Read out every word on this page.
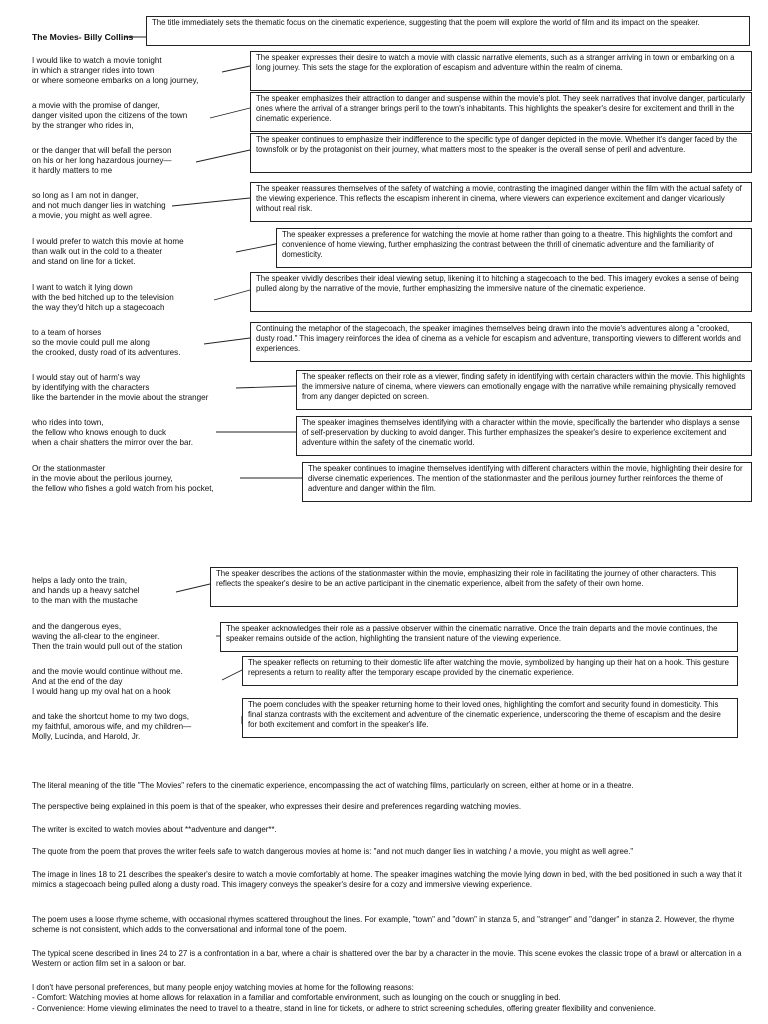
The Movies- Billy Collins
The title immediately sets the thematic focus on the cinematic experience, suggesting that the poem will explore the world of film and its impact on the speaker.
I would like to watch a movie tonight
in which a stranger rides into town
or where someone embarks on a long journey,
a movie with the promise of danger,
danger visited upon the citizens of the town
by the stranger who rides in,
or the danger that will befall the person
on his or her long hazardous journey—
it hardly matters to me
so long as I am not in danger,
and not much danger lies in watching
a movie, you might as well agree.
I would prefer to watch this movie at home
than walk out in the cold to a theater
and stand on line for a ticket.
I want to watch it lying down
with the bed hitched up to the television
the way they'd hitch up a stagecoach
to a team of horses
so the movie could pull me along
the crooked, dusty road of its adventures.
I would stay out of harm's way
by identifying with the characters
like the bartender in the movie about the stranger
who rides into town,
the fellow who knows enough to duck
when a chair shatters the mirror over the bar.
Or the stationmaster
in the movie about the perilous journey,
the fellow who fishes a gold watch from his pocket,
helps a lady onto the train,
and hands up a heavy satchel
to the man with the mustache
and the dangerous eyes,
waving the all-clear to the engineer.
Then the train would pull out of the station
and the movie would continue without me.
And at the end of the day
I would hang up my oval hat on a hook
and take the shortcut home to my two dogs,
my faithful, amorous wife, and my children—
Molly, Lucinda, and Harold, Jr.
The speaker expresses their desire to watch a movie with classic narrative elements, such as a stranger arriving in town or embarking on a long journey. This sets the stage for the exploration of escapism and adventure within the realm of cinema.
The speaker emphasizes their attraction to danger and suspense within the movie's plot. They seek narratives that involve danger, particularly ones where the arrival of a stranger brings peril to the town's inhabitants. This highlights the speaker's desire for excitement and thrill in the cinematic experience.
The speaker continues to emphasize their indifference to the specific type of danger depicted in the movie. Whether it's danger faced by the townsfolk or by the protagonist on their journey, what matters most to the speaker is the overall sense of peril and adventure.
The speaker reassures themselves of the safety of watching a movie, contrasting the imagined danger within the film with the actual safety of the viewing experience. This reflects the escapism inherent in cinema, where viewers can experience excitement and danger vicariously without real risk.
The speaker expresses a preference for watching the movie at home rather than going to a theatre. This highlights the comfort and convenience of home viewing, further emphasizing the contrast between the thrill of cinematic adventure and the familiarity of domesticity.
The speaker vividly describes their ideal viewing setup, likening it to hitching a stagecoach to the bed. This imagery evokes a sense of being pulled along by the narrative of the movie, further emphasizing the immersive nature of the cinematic experience.
Continuing the metaphor of the stagecoach, the speaker imagines themselves being drawn into the movie's adventures along a "crooked, dusty road." This imagery reinforces the idea of cinema as a vehicle for escapism and adventure, transporting viewers to different worlds and experiences.
The speaker reflects on their role as a viewer, finding safety in identifying with certain characters within the movie. This highlights the immersive nature of cinema, where viewers can emotionally engage with the narrative while remaining physically removed from any danger depicted on screen.
The speaker imagines themselves identifying with a character within the movie, specifically the bartender who displays a sense of self-preservation by ducking to avoid danger. This further emphasizes the speaker's desire to experience excitement and adventure within the safety of the cinematic world.
The speaker continues to imagine themselves identifying with different characters within the movie, highlighting their desire for diverse cinematic experiences. The mention of the stationmaster and the perilous journey further reinforces the theme of adventure and danger within the film.
The speaker describes the actions of the stationmaster within the movie, emphasizing their role in facilitating the journey of other characters. This reflects the speaker's desire to be an active participant in the cinematic experience, albeit from the safety of their own home.
The speaker acknowledges their role as a passive observer within the cinematic narrative. Once the train departs and the movie continues, the speaker remains outside of the action, highlighting the transient nature of the viewing experience.
The speaker reflects on returning to their domestic life after watching the movie, symbolized by hanging up their hat on a hook. This gesture represents a return to reality after the temporary escape provided by the cinematic experience.
The poem concludes with the speaker returning home to their loved ones, highlighting the comfort and security found in domesticity. This final stanza contrasts with the excitement and adventure of the cinematic experience, underscoring the theme of escapism and the desire for both excitement and comfort in the speaker's life.
The literal meaning of the title "The Movies" refers to the cinematic experience, encompassing the act of watching films, particularly on screen, either at home or in a theatre.
The perspective being explained in this poem is that of the speaker, who expresses their desire and preferences regarding watching movies.
The writer is excited to watch movies about **adventure and danger**.
The quote from the poem that proves the writer feels safe to watch dangerous movies at home is: "and not much danger lies in watching / a movie, you might as well agree."
The image in lines 18 to 21 describes the speaker's desire to watch a movie comfortably at home. The speaker imagines watching the movie lying down in bed, with the bed positioned in such a way that it mimics a stagecoach being pulled along a dusty road. This imagery conveys the speaker's desire for a cozy and immersive viewing experience.
The poem uses a loose rhyme scheme, with occasional rhymes scattered throughout the lines. For example, "town" and "down" in stanza 5, and "stranger" and "danger" in stanza 2. However, the rhyme scheme is not consistent, which adds to the conversational and informal tone of the poem.
The typical scene described in lines 24 to 27 is a confrontation in a bar, where a chair is shattered over the bar by a character in the movie. This scene evokes the classic trope of a brawl or altercation in a Western or action film set in a saloon or bar.
I don't have personal preferences, but many people enjoy watching movies at home for the following reasons:
- Comfort: Watching movies at home allows for relaxation in a familiar and comfortable environment, such as lounging on the couch or snuggling in bed.
- Convenience: Home viewing eliminates the need to travel to a theatre, stand in line for tickets, or adhere to strict screening schedules, offering greater flexibility and convenience.
